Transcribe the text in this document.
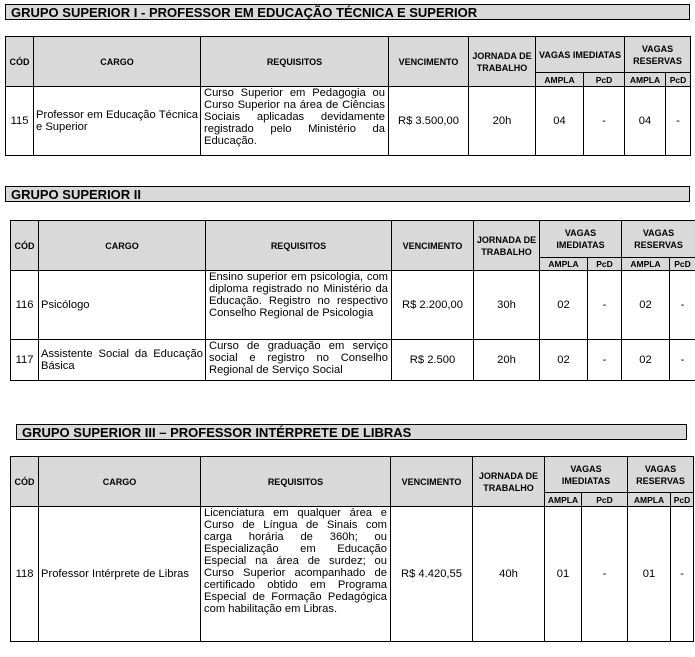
GRUPO SUPERIOR I - PROFESSOR EM EDUCAÇÃO TÉCNICA E SUPERIOR
CÓD	CARGO	REQUISITOS	VENCIMENTO	JORNADA DE TRABALHO	VAGAS IMEDIATAS		VAGAS RESERVAS	
					AMPLA	PcD	AMPLA	PcD
115	Professor em Educação Técnica e Superior	Curso Superior em Pedagogia ou Curso Superior na área de Ciências Sociais aplicadas devidamente registrado pelo Ministério da Educação.	R$ 3.500,00	20h	04	-	04	-
GRUPO SUPERIOR II
CÓD	CARGO	REQUISITOS	VENCIMENTO	JORNADA DE TRABALHO	VAGAS IMEDIATAS		VAGAS RESERVAS	
					AMPLA	PcD	AMPLA	PcD
116	Psicólogo	Ensino superior em psicologia, com diploma registrado no Ministério da Educação. Registro no respectivo Conselho Regional de Psicologia	R$ 2.200,00	30h	02	-	02	-
117	Assistente Social da Educação Básica	Curso de graduação em serviço social e registro no Conselho Regional de Serviço Social	R$ 2.500	20h	02	-	02	-
GRUPO SUPERIOR III – PROFESSOR INTÉRPRETE DE LIBRAS
CÓD	CARGO	REQUISITOS	VENCIMENTO	JORNADA DE TRABALHO	VAGAS IMEDIATAS		VAGAS RESERVAS	
					AMPLA	PcD	AMPLA	PcD
118	Professor Intérprete de Libras	Licenciatura em qualquer área e Curso de Língua de Sinais com carga horária de 360h; ou Especialização em Educação Especial na área de surdez; ou Curso Superior acompanhado de certificado obtido em Programa Especial de Formação Pedagógica com habilitação em Libras.	R$ 4.420,55	40h	01	-	01	-
